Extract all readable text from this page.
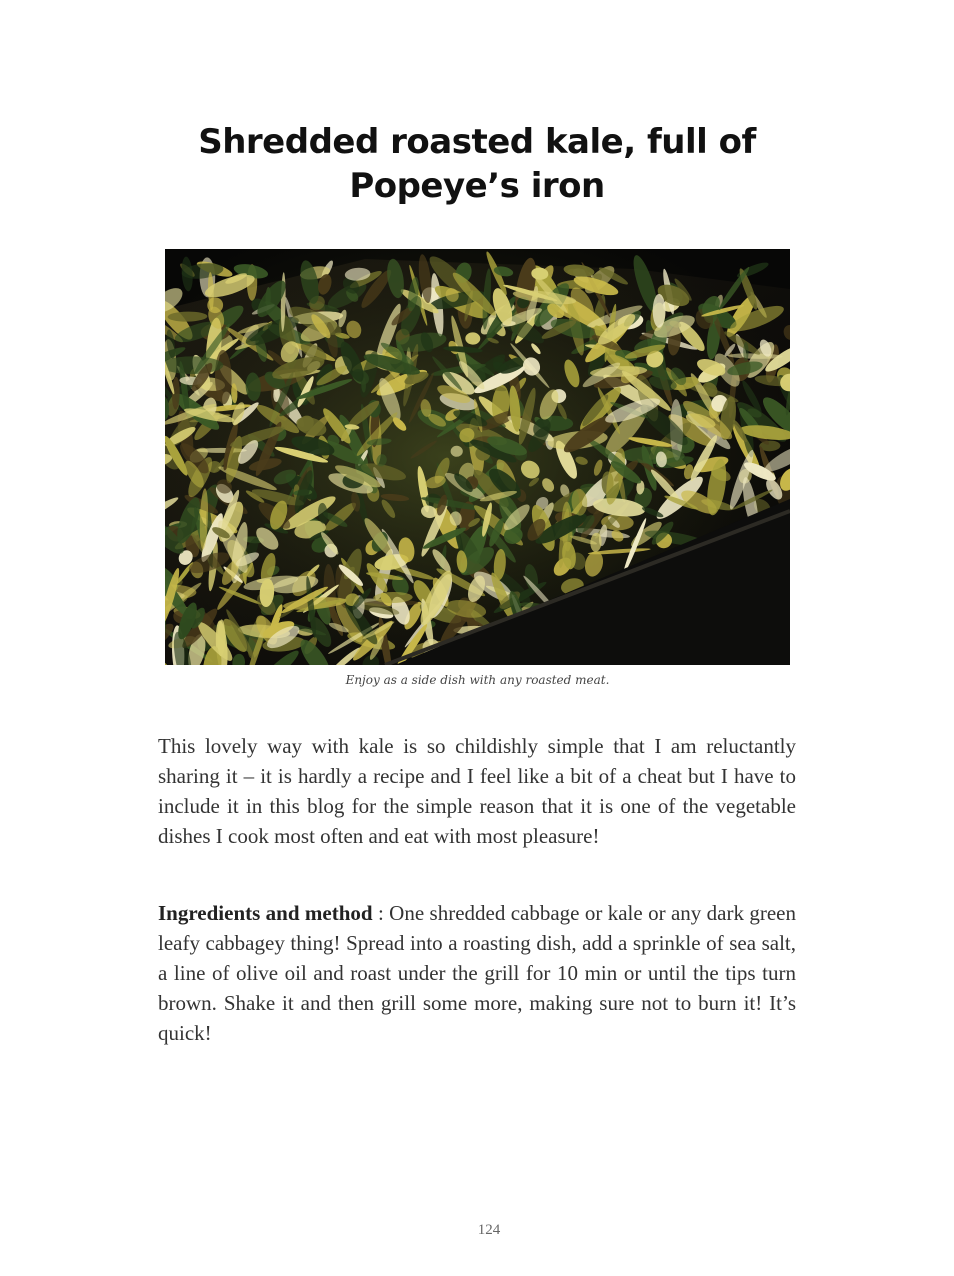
Shredded roasted kale, full of Popeye’s iron
Enjoy as a side dish with any roasted meat.

This lovely way with kale is so childishly simple that I am reluctantly sharing it – it is hardly a recipe and I feel like a bit of a cheat but I have to include it in this blog for the simple reason that it is one of the vegetable dishes I cook most often and eat with most pleasure!

Ingredients and method : One shredded cabbage or kale or any dark green leafy cabbagey thing! Spread into a roasting dish, add a sprinkle of sea salt, a line of olive oil and roast under the grill for 10 min or until the tips turn brown. Shake it and then grill some more, making sure not to burn it! It’s quick!

124
